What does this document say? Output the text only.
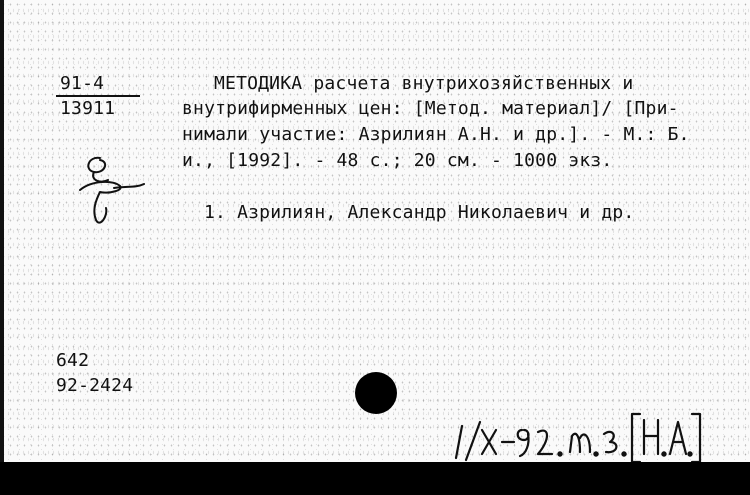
91-4
13911
МЕТОДИКА расчета внутрихозяйственных и
внутрифирменных цен: [Метод. материал]/ [При-
нимали участие: Азрилиян А.Н. и др.]. - М.: Б.
и., [1992]. - 48 с.; 20 см. - 1000 экз.
1. Азрилиян, Александр Николаевич и др.
642
92-2424
1/X-92. m.3. [H.A.]
